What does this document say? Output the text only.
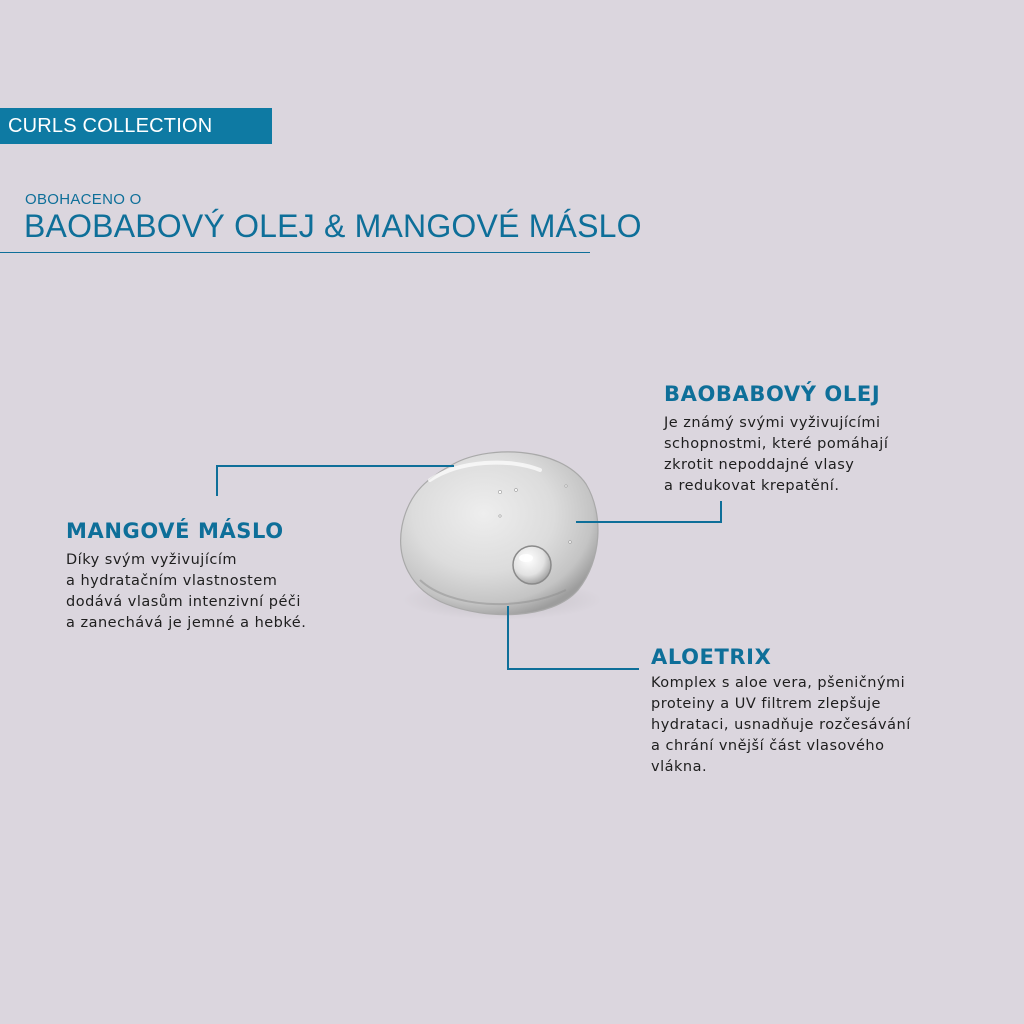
CURLS COLLECTION
OBOHACENO O
BAOBABOVÝ OLEJ & MANGOVÉ MÁSLO
BAOBABOVÝ OLEJ
Je známý svými vyživujícími
schopnostmi, které pomáhají
zkrotit nepoddajné vlasy
a redukovat krepatění.
MANGOVÉ MÁSLO
Díky svým vyživujícím
a hydratačním vlastnostem
dodává vlasům intenzivní péči
a zanechává je jemné a hebké.
ALOETRIX
Komplex s aloe vera, pšeničnými
proteiny a UV filtrem zlepšuje
hydrataci, usnadňuje rozčesávání
a chrání vnější část vlasového
vlákna.
